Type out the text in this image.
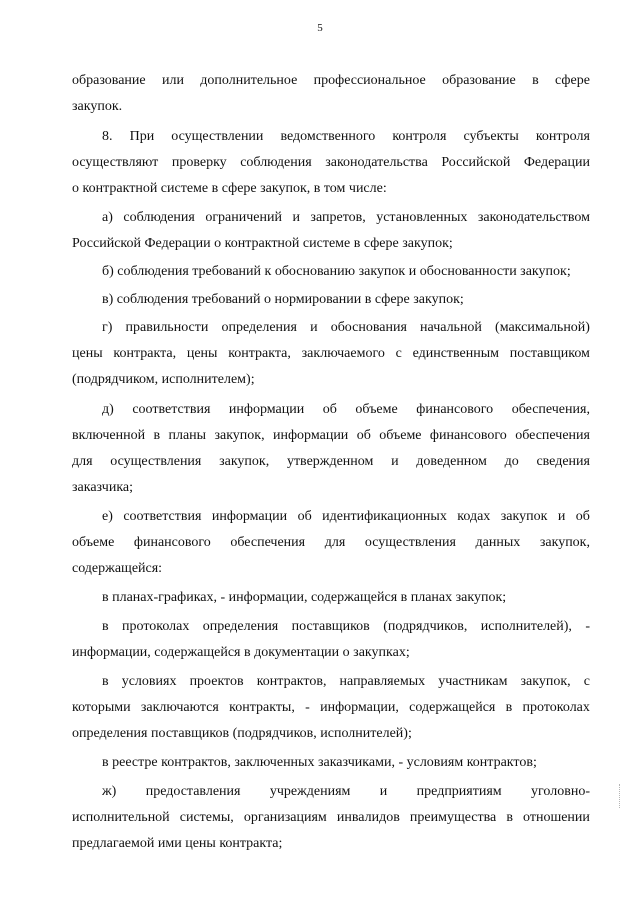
5
образование или дополнительное профессиональное образование в сфере
закупок.
8. При осуществлении ведомственного контроля субъекты контроля
осуществляют проверку соблюдения законодательства Российской Федерации
о контрактной системе в сфере закупок, в том числе:
а) соблюдения ограничений и запретов, установленных законодательством
Российской Федерации о контрактной системе в сфере закупок;
б) соблюдения требований к обоснованию закупок и обоснованности закупок;
в) соблюдения требований о нормировании в сфере закупок;
г) правильности определения и обоснования начальной (максимальной)
цены контракта, цены контракта, заключаемого с единственным поставщиком
(подрядчиком, исполнителем);
д) соответствия информации об объеме финансового обеспечения,
включенной в планы закупок, информации об объеме финансового обеспечения
для осуществления закупок, утвержденном и доведенном до сведения
заказчика;
е) соответствия информации об идентификационных кодах закупок и об
объеме финансового обеспечения для осуществления данных закупок,
содержащейся:
в планах-графиках, - информации, содержащейся в планах закупок;
в протоколах определения поставщиков (подрядчиков, исполнителей), -
информации, содержащейся в документации о закупках;
в условиях проектов контрактов, направляемых участникам закупок, с
которыми заключаются контракты, - информации, содержащейся в протоколах
определения поставщиков (подрядчиков, исполнителей);
в реестре контрактов, заключенных заказчиками, - условиям контрактов;
ж) предоставления учреждениям и предприятиям уголовно-
исполнительной системы, организациям инвалидов преимущества в отношении
предлагаемой ими цены контракта;
